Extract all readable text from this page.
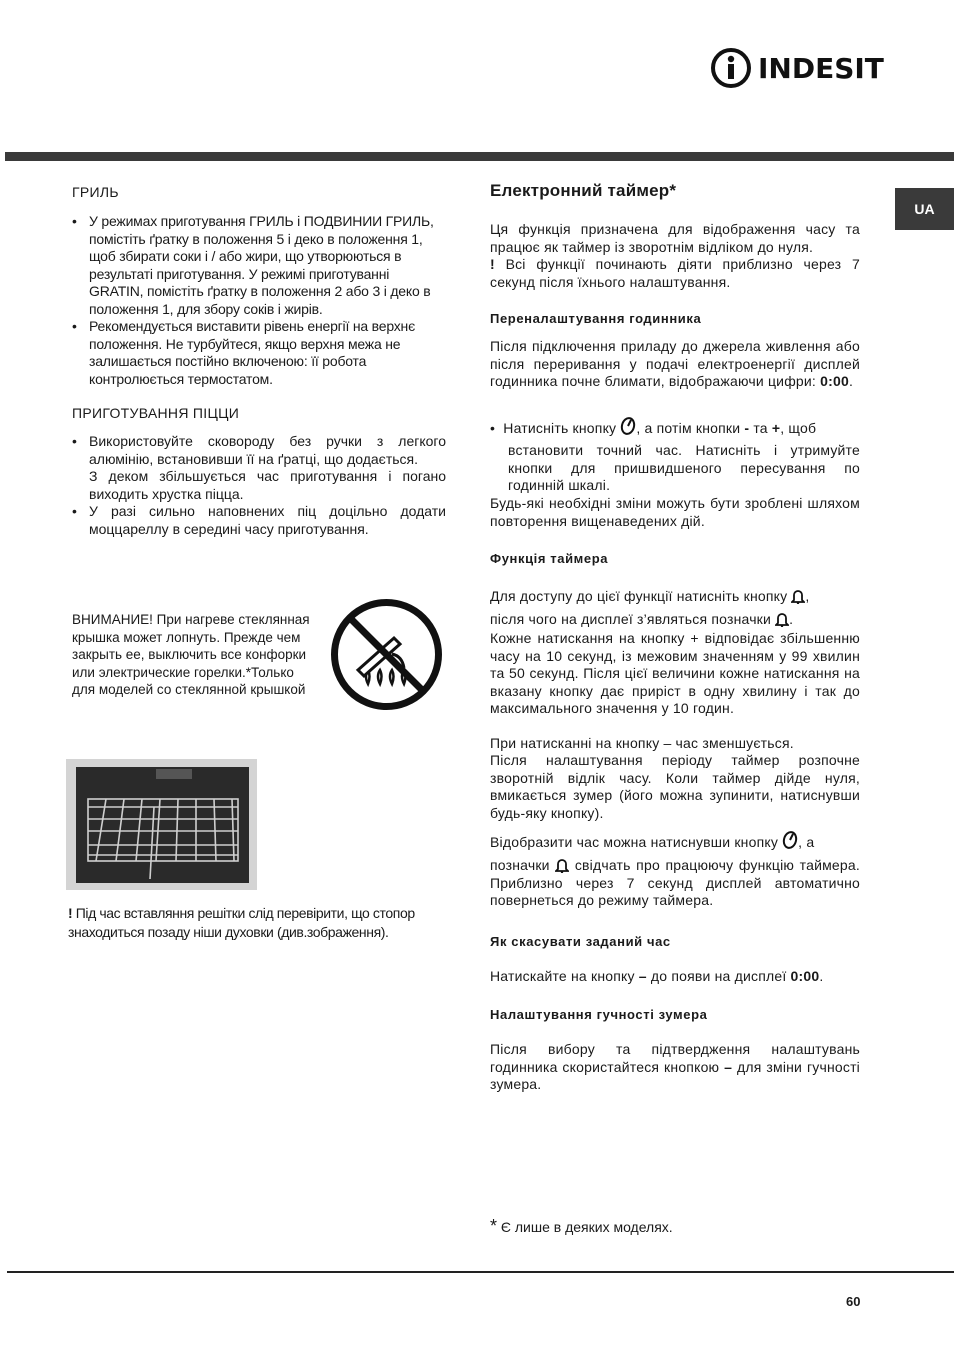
INDESIT
UA
ГРИЛЬ
• У режимах приготування ГРИЛЬ і ПОДВИНИИ ГРИЛЬ, помістіть ґратку в положення 5 і деко в положення 1, щоб збирати соки і / або жири, що утворюються в результаті приготування. У режимі приготуванні GRATIN, помістіть ґратку в положення 2 або 3 і деко в положення 1, для збору соків і жирів.
• Рекомендується виставити рівень енергії на верхнє положення. Не турбуйтеся, якщо верхня межа не залишається постійно включеною: її робота контролюється термостатом.
ПРИГОТУВАННЯ ПІЦЦИ
• Використовуйте сковороду без ручки з легкого алюмінію, встановивши її на ґратці, що додається.
З деком збільшується час приготування і погано виходить хрустка піцца.
• У разі сильно наповнених піц доцільно додати моццареллу в середині часу приготування.
ВНИМАНИЕ! При нагреве стеклянная крышка может лопнуть. Прежде чем закрыть ее, выключить все конфорки или электрические горелки.*Только для моделей со стеклянной крышкой
! Під час вставляння решітки слід перевірити, що стопор знаходиться позаду ніши духовки (див.зображення).
Електронний таймер*
Ця функція призначена для відображення часу та працює як таймер із зворотнім відліком до нуля.
! Всі функції починають діяти приблизно через 7 секунд після їхнього налаштування.
Переналаштування годинника
Після підключення приладу до джерела живлення або після переривання у подачі електроенергії дисплей годинника почне блимати, відображаючи цифри: 0:00.
•  Натисніть кнопку , а потім кнопки - та +, щоб
встановити точний час. Натисніть і утримуйте кнопки для пришвидшеного пересування по годинній шкалі.
Будь-які необхідні зміни можуть бути зроблені шляхом повторення вищенаведених дій.
Функція таймера
Для доступу до цієї функції натисніть кнопку ,
після чого на дисплеї з’являться позначки .
Кожне натискання на кнопку + відповідає збільшенню часу на 10 секунд, із межовим значенням у 99 хвилин та 50 секунд. Після цієї величини кожне натискання на вказану кнопку дає приріст в одну хвилину і так до максимального значення у 10 годин.
При натисканні на кнопку – час зменшується.
Після налаштування періоду таймер розпочне зворотній відлік часу. Коли таймер дійде нуля, вмикається зумер (його можна зупинити, натиснувши будь-яку кнопку).
Відобразити час можна натиснувши кнопку , а
позначки  свідчать про працюючу функцію таймера. Приблизно через 7 секунд дисплей автоматично повернеться до режиму таймера.
Як скасувати заданий час
Натискайте на кнопку – до появи на дисплеї 0:00.
Налаштування гучності зумера
Після вибору та підтвердження налаштувань годинника скористайтеся кнопкою – для зміни гучності зумера.
* Є лише в деяких моделях.
60
